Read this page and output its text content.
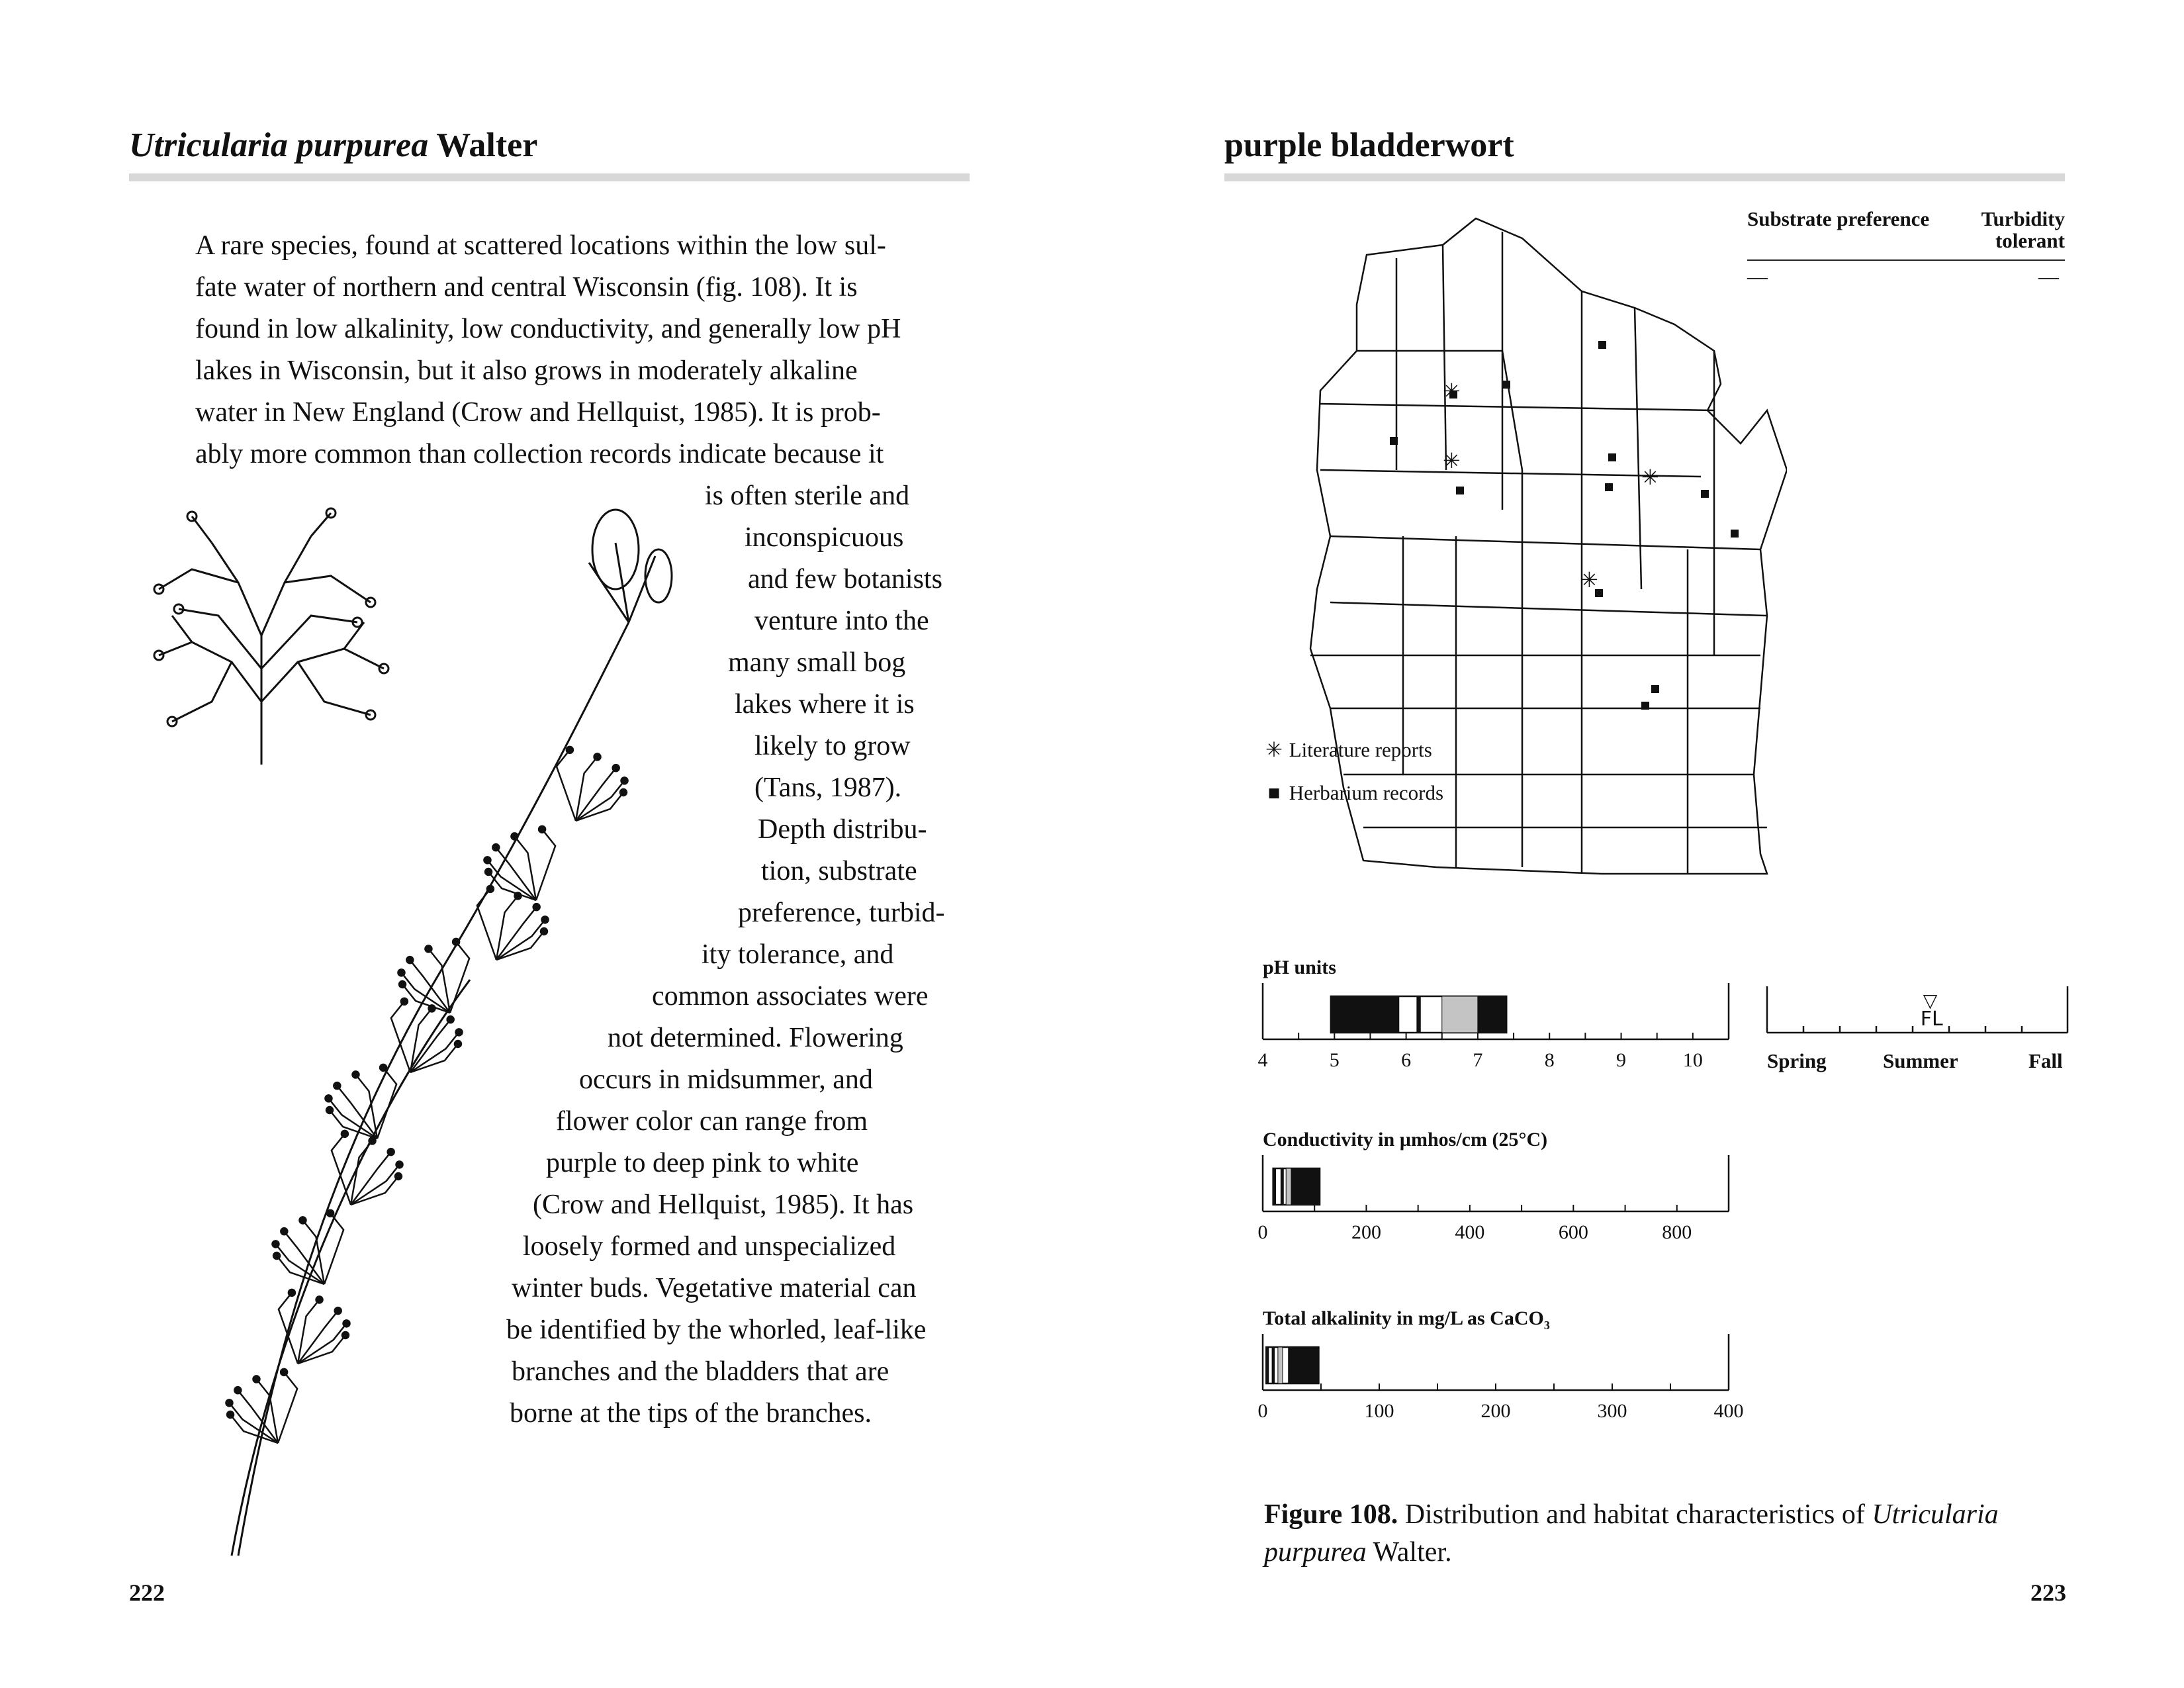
Utricularia purpurea Walter
A rare species, found at scattered locations within the low sul-
fate water of northern and central Wisconsin (fig. 108). It is
found in low alkalinity, low conductivity, and generally low pH
lakes in Wisconsin, but it also grows in moderately alkaline
water in New England (Crow and Hellquist, 1985). It is prob-
ably more common than collection records indicate because it
is often sterile and
inconspicuous
and few botanists
venture into the
many small bog
lakes where it is
likely to grow
(Tans, 1987).
Depth distribu-
tion, substrate
preference, turbid-
ity tolerance, and
common associates were
not determined. Flowering
occurs in midsummer, and
flower color can range from
purple to deep pink to white
(Crow and Hellquist, 1985). It has
loosely formed and unspecialized
winter buds. Vegetative material can
be identified by the whorled, leaf-like
branches and the bladders that are
borne at the tips of the branches.
222
purple bladderwort
✳
✳
✳
✳
Substrate preference	Turbidity tolerant
—	—
✳ Literature reports
■ Herbarium records
pH units
4	5	6	7	8	9	10
▽
FL
Spring	Summer	Fall
Conductivity in µmhos/cm (25°C)
0	200	400	600	800
Total alkalinity in mg/L as CaCO$_3$
0	100	200	300	400
Figure 108. Distribution and habitat characteristics of Utricularia purpurea Walter.
223
